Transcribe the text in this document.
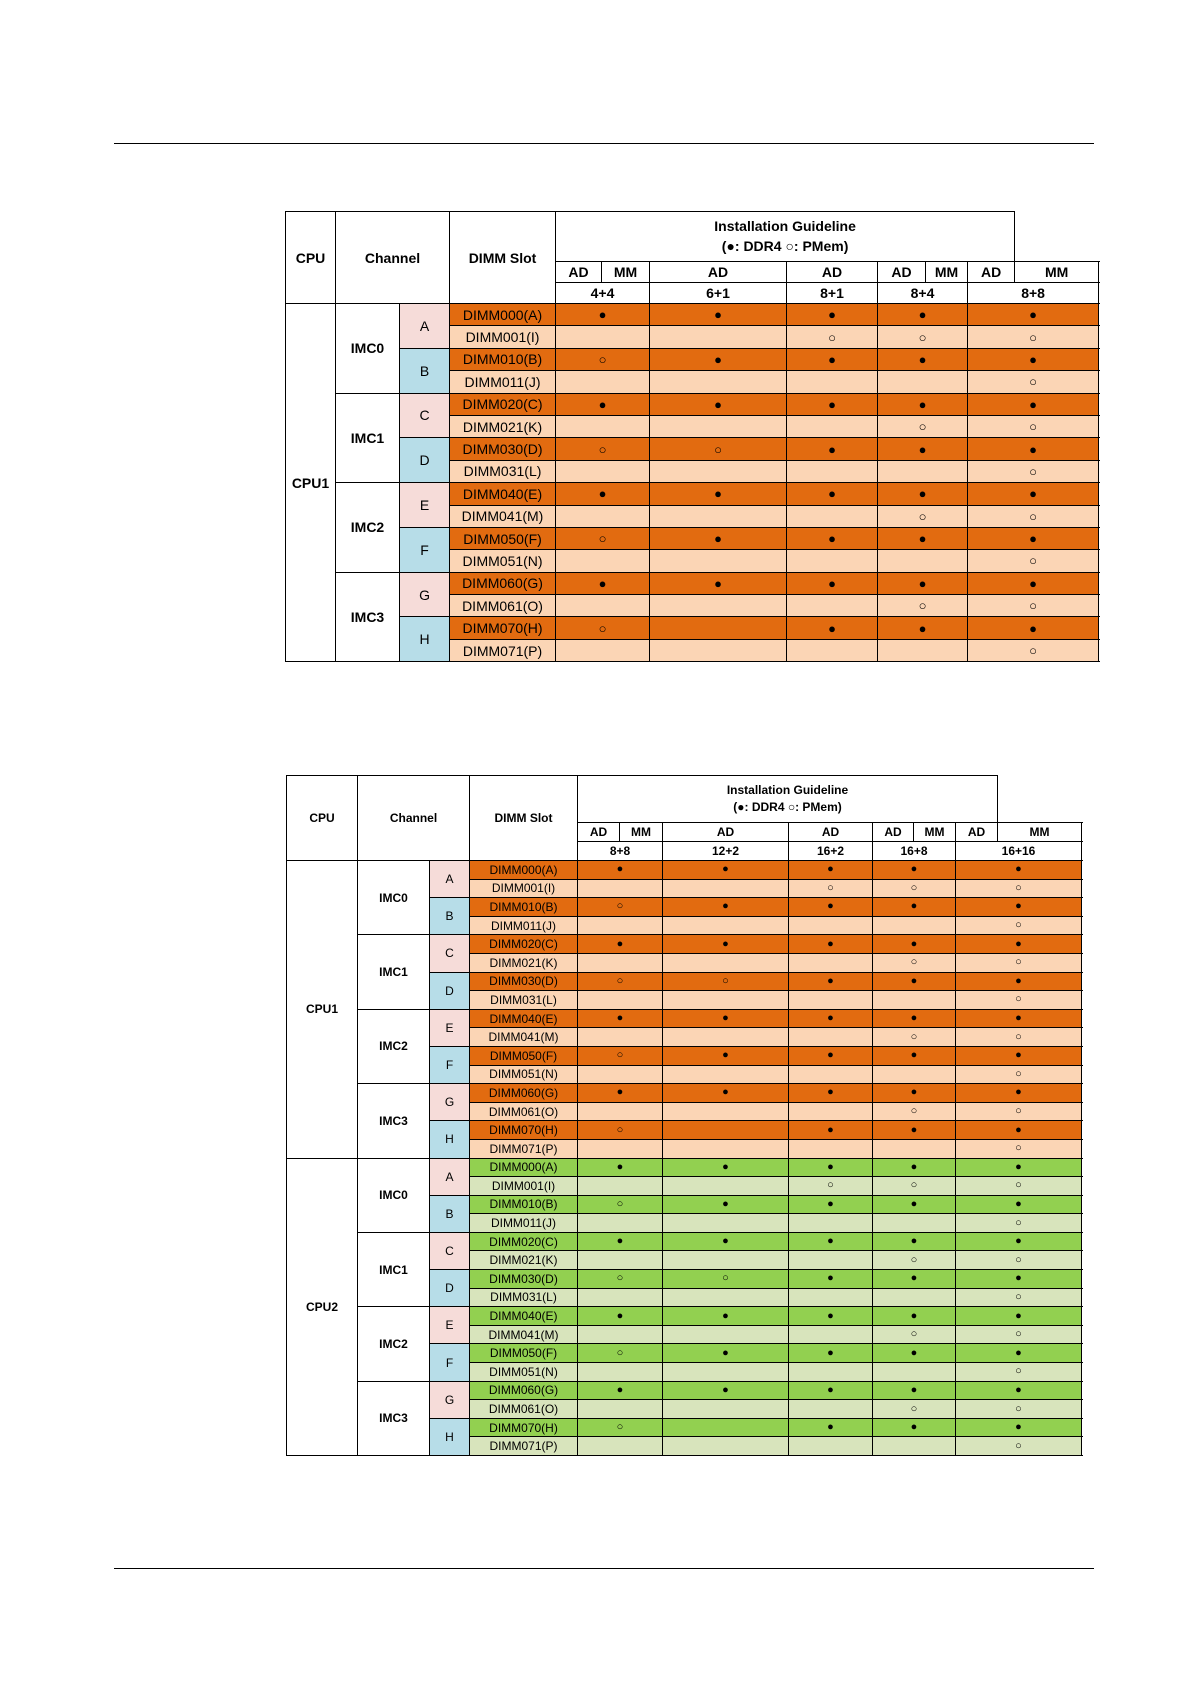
CPU	Channel		DIMM Slot	Installation Guideline
(●: DDR4 ○: PMem)								

				AD	MM	AD	AD	AD	MM	AD	MM	
				4+4		6+1	8+1	8+4		8+8	
CPU1	IMC0	A	DIMM000(A)	●		●	●	●		●	
			DIMM001(I)				○	○		○	
		B	DIMM010(B)	○		●	●	●		●	
			DIMM011(J)							○		
	IMC1	C	DIMM020(C)	●		●	●	●		●	
			DIMM021(K)					○		○	
		D	DIMM030(D)	○		○	●	●		●	
			DIMM031(L)							○	
	IMC2	E	DIMM040(E)	●		●	●	●		●	
			DIMM041(M)					○		○	
		F	DIMM050(F)	○		●	●	●		●	
			DIMM051(N)							○		
	IMC3	G	DIMM060(G)	●		●	●	●		●	
			DIMM061(O)					○		○	
		H	DIMM070(H)	○			●	●		●	
			DIMM071(P)							○	
CPU	Channel		DIMM Slot	Installation Guideline
(●: DDR4 ○: PMem)								

				AD	MM	AD	AD	AD	MM	AD	MM	
				8+8		12+2	16+2	16+8		16+16	
CPU1	IMC0	A	DIMM000(A)	●		●	●	●		●	
			DIMM001(I)				○	○		○	
		B	DIMM010(B)	○		●	●	●		●	
			DIMM011(J)							○		
	IMC1	C	DIMM020(C)	●		●	●	●		●	
			DIMM021(K)					○		○	
		D	DIMM030(D)	○		○	●	●		●	
			DIMM031(L)							○	
	IMC2	E	DIMM040(E)	●		●	●	●		●	
			DIMM041(M)					○		○	
		F	DIMM050(F)	○		●	●	●		●	
			DIMM051(N)							○		
	IMC3	G	DIMM060(G)	●		●	●	●		●	
			DIMM061(O)					○		○	
		H	DIMM070(H)	○			●	●		●	
			DIMM071(P)							○	
CPU2	IMC0	A	DIMM000(A)	●		●	●	●		●	
			DIMM001(I)				○	○		○	
		B	DIMM010(B)	○		●	●	●		●	
			DIMM011(J)							○		
	IMC1	C	DIMM020(C)	●		●	●	●		●	
			DIMM021(K)					○		○	
		D	DIMM030(D)	○		○	●	●		●	
			DIMM031(L)							○	
	IMC2	E	DIMM040(E)	●		●	●	●		●	
			DIMM041(M)					○		○	
		F	DIMM050(F)	○		●	●	●		●	
			DIMM051(N)							○		
	IMC3	G	DIMM060(G)	●		●	●	●		●	
			DIMM061(O)					○		○	
		H	DIMM070(H)	○			●	●		●	
			DIMM071(P)							○	
